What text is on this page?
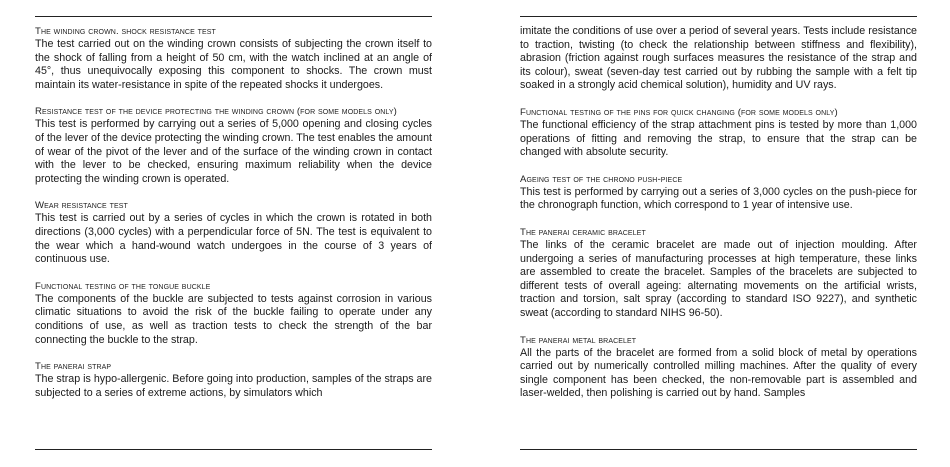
The winding crown. shock resistance test

The test carried out on the winding crown consists of subjecting the crown itself to the shock of falling from a height of 50 cm, with the watch inclined at an angle of 45°, thus unequivocally exposing this component to shocks. The crown must maintain its water-resistance in spite of the repeated shocks it undergoes.

Resistance test of the device protecting the winding crown (for some models only)

This test is performed by carrying out a series of 5,000 opening and closing cycles of the lever of the device protecting the winding crown. The test enables the amount of wear of the pivot of the lever and of the surface of the winding crown in contact with the lever to be checked, ensuring maximum reliability when the device protecting the winding crown is operated.

Wear resistance test

This test is carried out by a series of cycles in which the crown is rotated in both directions (3,000 cycles) with a perpendicular force of 5N. The test is equivalent to the wear which a hand-wound watch undergoes in the course of 3 years of continuous use.

Functional testing of the tongue buckle

The components of the buckle are subjected to tests against corrosion in various climatic situations to avoid the risk of the buckle failing to operate under any conditions of use, as well as traction tests to check the strength of the bar connecting the buckle to the strap.

The panerai strap

The strap is hypo-allergenic. Before going into production, samples of the straps are subjected to a series of extreme actions, by simulators which

imitate the conditions of use over a period of several years. Tests include resistance to traction, twisting (to check the relationship between stiffness and flexibility), abrasion (friction against rough surfaces measures the resistance of the strap and its colour), sweat (seven-day test carried out by rubbing the sample with a felt tip soaked in a strongly acid chemical solution), humidity and UV rays.

Functional testing of the pins for quick changing (for some models only)

The functional efficiency of the strap attachment pins is tested by more than 1,000 operations of fitting and removing the strap, to ensure that the strap can be changed with absolute security.

Ageing test of the chrono push-piece

This test is performed by carrying out a series of 3,000 cycles on the push-piece for the chronograph function, which correspond to 1 year of intensive use.

The panerai ceramic bracelet

The links of the ceramic bracelet are made out of injection moulding. After undergoing a series of manufacturing processes at high temperature, these links are assembled to create the bracelet. Samples of the bracelets are subjected to different tests of overall ageing: alternating movements on the artificial wrists, traction and torsion, salt spray (according to standard ISO 9227), and synthetic sweat (according to standard NIHS 96-50).

The panerai metal bracelet

All the parts of the bracelet are formed from a solid block of metal by operations carried out by numerically controlled milling machines. After the quality of every single component has been checked, the non-removable part is assembled and laser-welded, then polishing is carried out by hand. Samples
